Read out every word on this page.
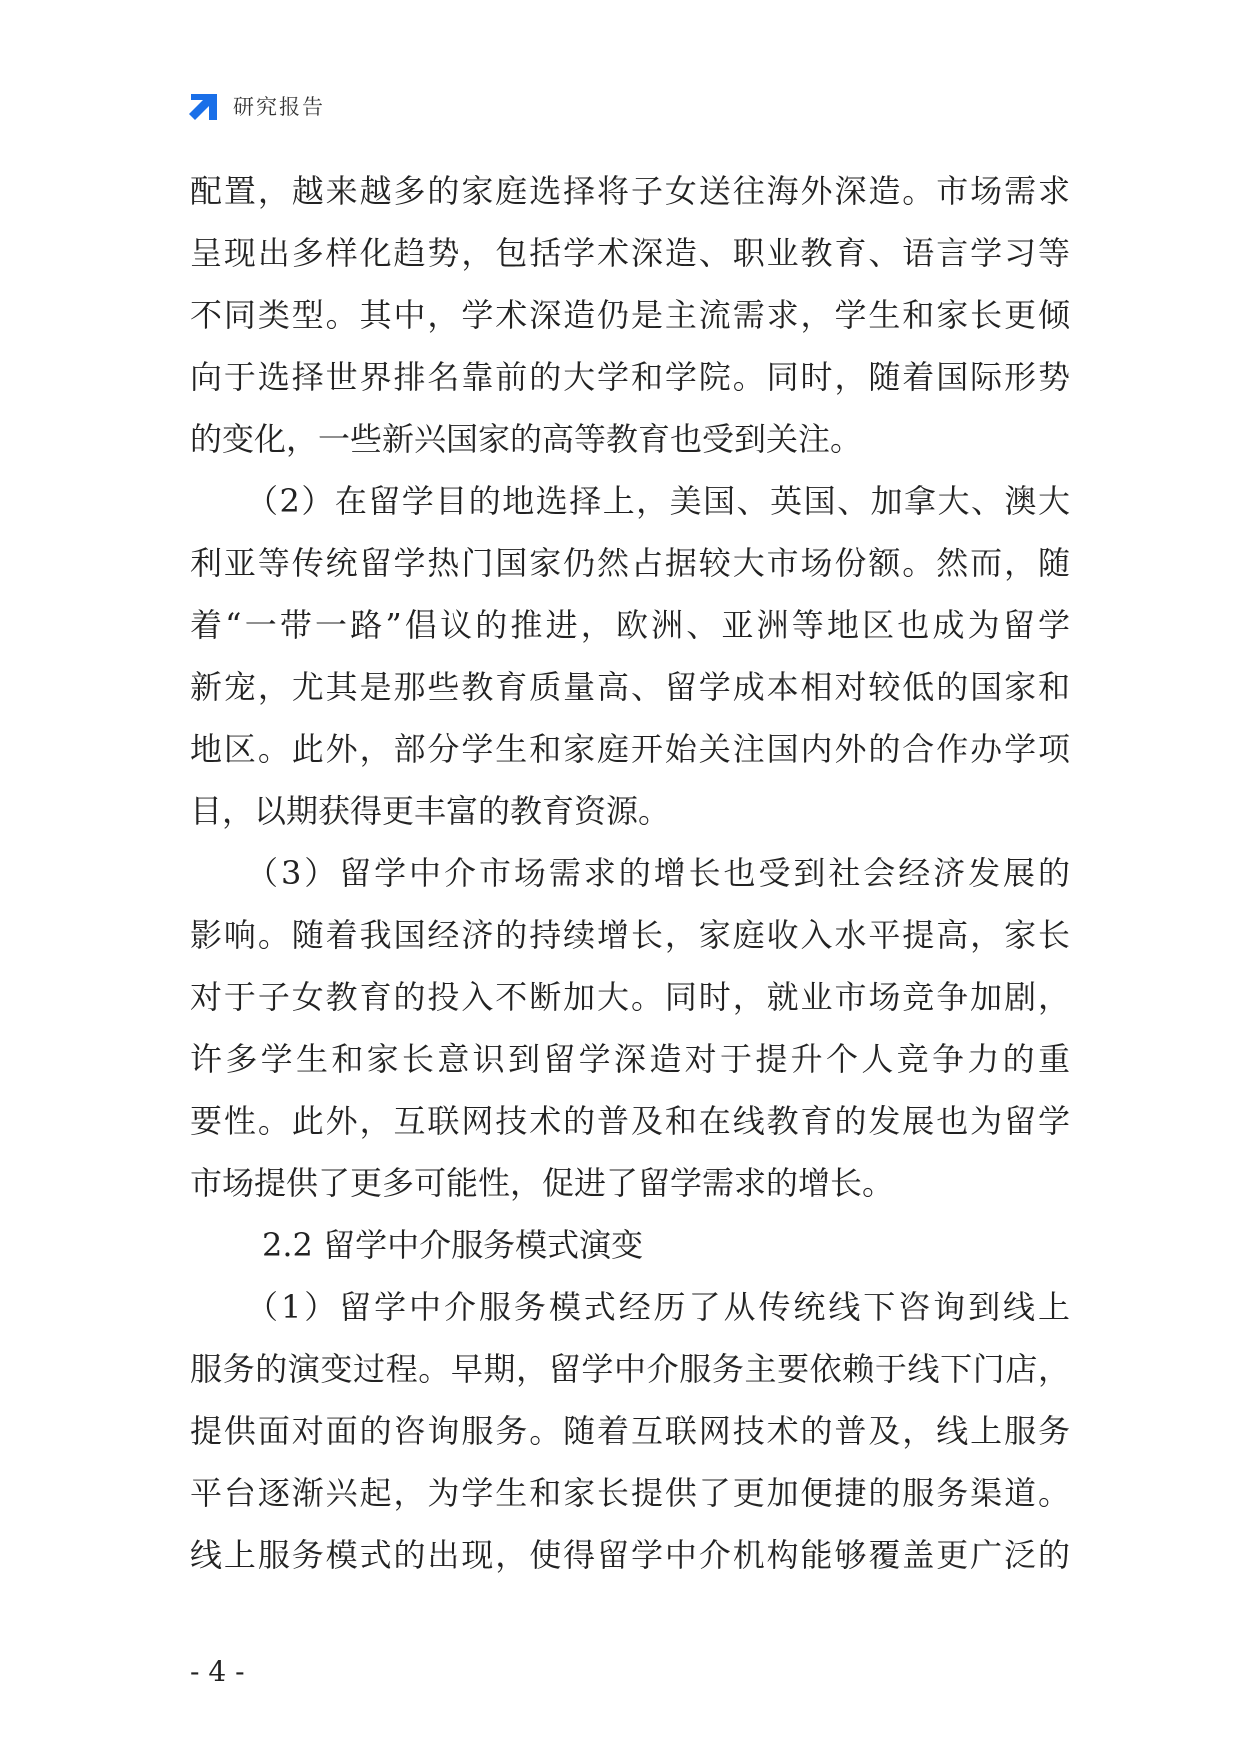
研究报告
配置，越来越多的家庭选择将子女送往海外深造。市场需求
呈现出多样化趋势，包括学术深造、职业教育、语言学习等
不同类型。其中，学术深造仍是主流需求，学生和家长更倾
向于选择世界排名靠前的大学和学院。同时，随着国际形势
的变化，一些新兴国家的高等教育也受到关注。
（2）在留学目的地选择上，美国、英国、加拿大、澳大
利亚等传统留学热门国家仍然占据较大市场份额。然而，随
着“一带一路”倡议的推进，欧洲、亚洲等地区也成为留学
新宠，尤其是那些教育质量高、留学成本相对较低的国家和
地区。此外，部分学生和家庭开始关注国内外的合作办学项
目，以期获得更丰富的教育资源。
（3）留学中介市场需求的增长也受到社会经济发展的
影响。随着我国经济的持续增长，家庭收入水平提高，家长
对于子女教育的投入不断加大。同时，就业市场竞争加剧，
许多学生和家长意识到留学深造对于提升个人竞争力的重
要性。此外，互联网技术的普及和在线教育的发展也为留学
市场提供了更多可能性，促进了留学需求的增长。
2.2 留学中介服务模式演变
（1）留学中介服务模式经历了从传统线下咨询到线上
服务的演变过程。早期，留学中介服务主要依赖于线下门店，
提供面对面的咨询服务。随着互联网技术的普及，线上服务
平台逐渐兴起，为学生和家长提供了更加便捷的服务渠道。
线上服务模式的出现，使得留学中介机构能够覆盖更广泛的
- 4 -
